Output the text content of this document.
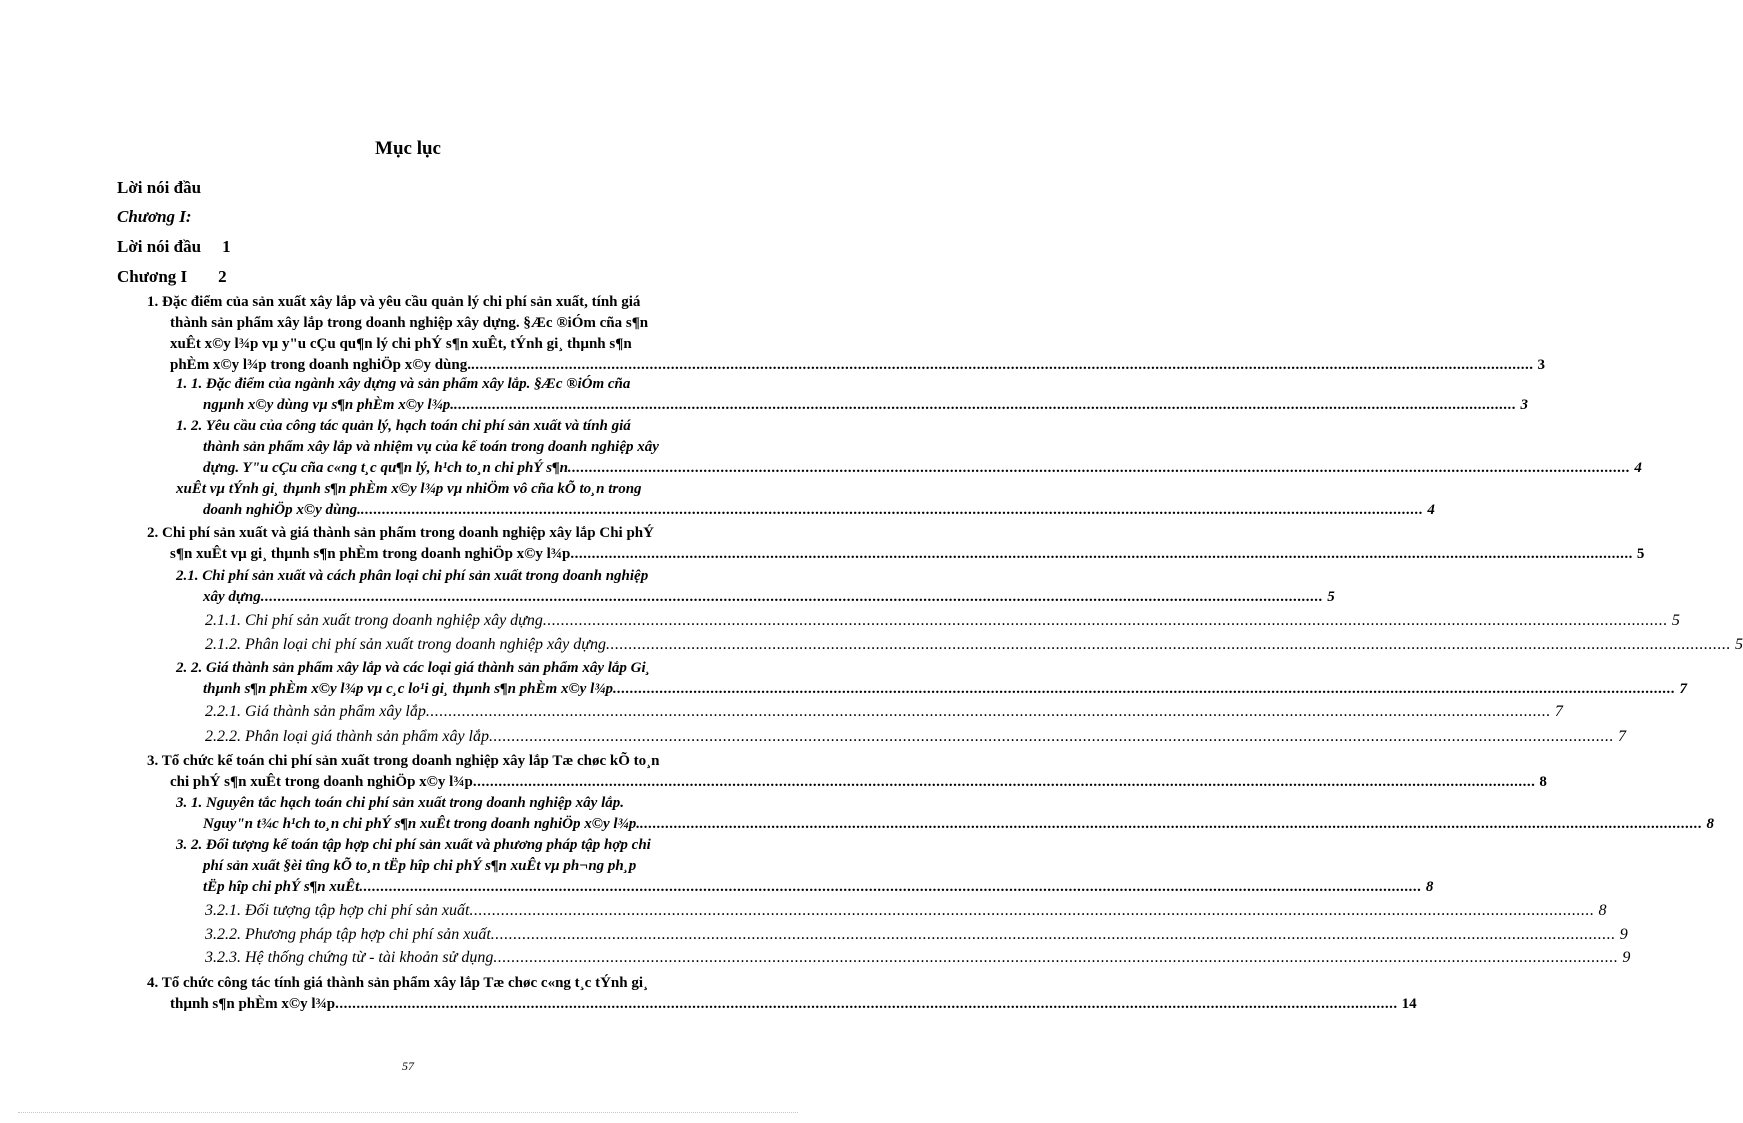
Mục lục
Lời nói đầu
Chương I:
Lời nói đầu 1
Chương I 2
1. Đặc điểm của sản xuất xây lắp và yêu cầu quản lý chi phí sản xuất, tính giá
thành sản phẩm xây lắp trong doanh nghiệp xây dựng. §Æc ®iÓm cña s¶n
xuÊt x©y l¾p vµ y"u cÇu qu¶n lý chi phÝ s¶n xuÊt, tÝnh gi¸ thµnh s¶n
phÈm x©y l¾p trong doanh nghiÖp x©y dùng. .......................................................................................................................................................................................................................................................... 3
1. 1. Đặc điểm của ngành xây dựng và sản phẩm xây lắp. §Æc ®iÓm cña
ngµnh x©y dùng vµ s¶n phÈm x©y l¾p. .......................................................................................................................................................................................................................................................... 3
1. 2. Yêu cầu của công tác quản lý, hạch toán chi phí sản xuất và tính giá
thành sản phẩm xây lắp và nhiệm vụ của kế toán trong doanh nghiệp xây
dựng. Y"u cÇu cña c«ng t¸c qu¶n lý, h¹ch to¸n chi phÝ s¶n .......................................................................................................................................................................................................................................................... 4
xuÊt vµ tÝnh gi¸ thµnh s¶n phÈm x©y l¾p vµ nhiÖm vô cña kÕ to¸n trong
doanh nghiÖp x©y dùng. .......................................................................................................................................................................................................................................................... 4
2. Chi phí sản xuất và giá thành sản phẩm trong doanh nghiệp xây lắp Chi phÝ
s¶n xuÊt vµ gi¸ thµnh s¶n phÈm trong doanh nghiÖp x©y l¾p .......................................................................................................................................................................................................................................................... 5
2.1. Chi phí sản xuất và cách phân loại chi phí sản xuất trong doanh nghiệp
xây dựng .......................................................................................................................................................................................................................................................... 5
2.1.1. Chi phí sản xuất trong doanh nghiệp xây dựng .......................................................................................................................................................................................................................................................... 5
2.1.2. Phân loại chi phí sản xuất trong doanh nghiệp xây dựng .......................................................................................................................................................................................................................................................... 5
2. 2. Giá thành sản phẩm xây lắp và các loại giá thành sản phẩm xây lắp Gi¸
thµnh s¶n phÈm x©y l¾p vµ c¸c lo¹i gi¸ thµnh s¶n phÈm x©y l¾p .......................................................................................................................................................................................................................................................... 7
2.2.1. Giá thành sản phẩm xây lắp .......................................................................................................................................................................................................................................................... 7
2.2.2. Phân loại giá thành sản phẩm xây lắp .......................................................................................................................................................................................................................................................... 7
3. Tổ chức kế toán chi phí sản xuất trong doanh nghiệp xây lắp Tæ chøc kÕ to¸n
chi phÝ s¶n xuÊt trong doanh nghiÖp x©y l¾p .......................................................................................................................................................................................................................................................... 8
3. 1. Nguyên tắc hạch toán chi phí sản xuất trong doanh nghiệp xây lắp.
Nguy"n t¾c h¹ch to¸n chi phÝ s¶n xuÊt trong doanh nghiÖp x©y l¾p. .......................................................................................................................................................................................................................................................... 8
3. 2. Đối tượng kế toán tập hợp chi phí sản xuất và phương pháp tập hợp chi
phí sản xuất §èi tîng kÕ to¸n tËp hîp chi phÝ s¶n xuÊt vµ ph¬ng ph¸p
tËp hîp chi phÝ s¶n xuÊt .......................................................................................................................................................................................................................................................... 8
3.2.1. Đối tượng tập hợp chi phí sản xuất .......................................................................................................................................................................................................................................................... 8
3.2.2. Phương pháp tập hợp chi phí sản xuất .......................................................................................................................................................................................................................................................... 9
3.2.3. Hệ thống chứng từ - tài khoản sử dụng .......................................................................................................................................................................................................................................................... 9
4. Tổ chức công tác tính giá thành sản phẩm xây lắp Tæ chøc c«ng t¸c tÝnh gi¸
thµnh s¶n phÈm x©y l¾p .......................................................................................................................................................................................................................................................... 14
57
